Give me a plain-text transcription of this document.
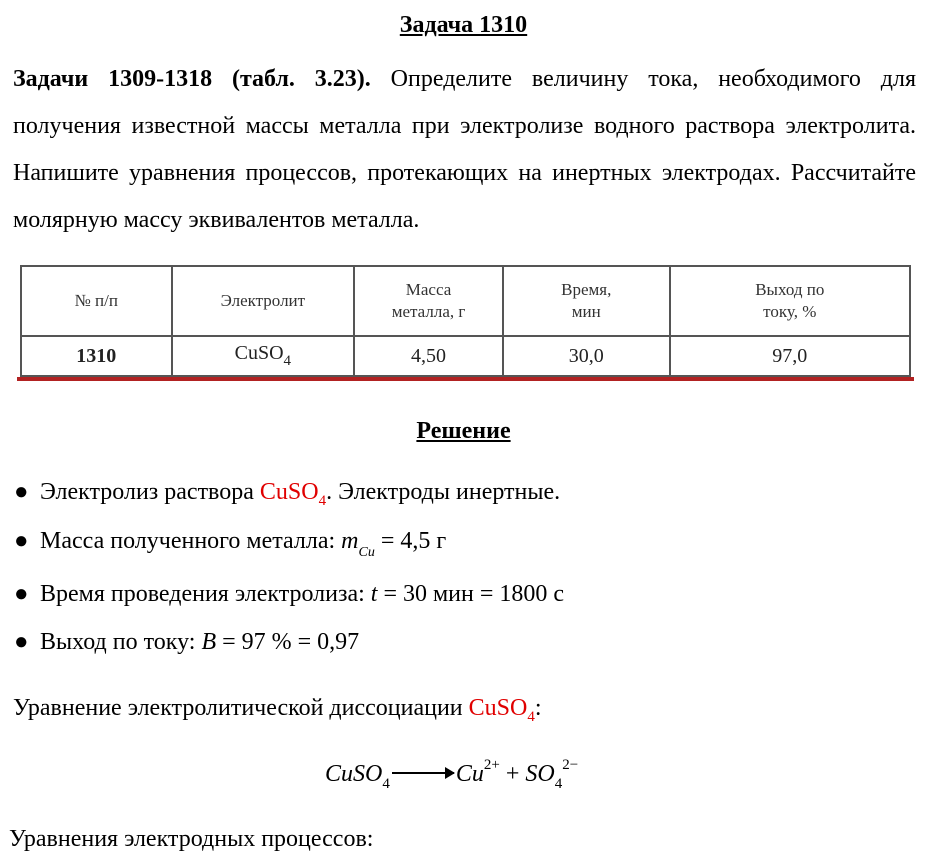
Задача 1310
Задачи 1309-1318 (табл. 3.23). Определите величину тока, необходимого для получения известной массы металла при электролизе водного раствора электролита. Напишите уравнения процессов, протекающих на инертных электродах. Рассчитайте молярную массу эквивалентов металла.
№ п/п	Электролит	Масса металла, г	Время, мин	Выход по току, %
1310	CuSO$_4$	4,50	30,0	97,0
Решение
● Электролиз раствора CuSO$_4$. Электроды инертные.
● Масса полученного металла: $m_{Cu} = 4,5$ г
● Время проведения электролиза: t = 30 мин = 1800 с
● Выход по току: B = 97 % = 0,97
Уравнение электролитической диссоциации CuSO$_4$:
CuSO$_4$ → $Cu^{2+} + SO_4^{2-}$
Уравнения электродных процессов:
